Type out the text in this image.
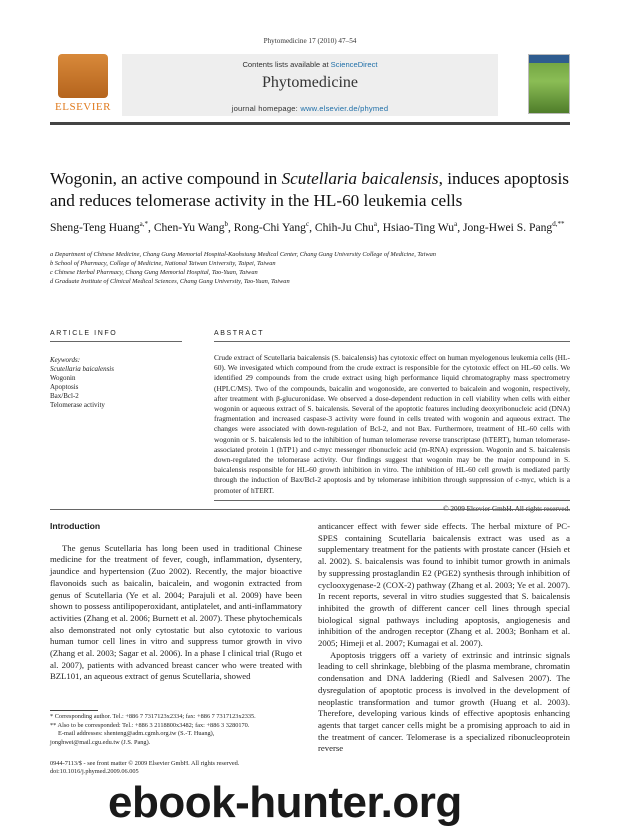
Phytomedicine 17 (2010) 47–54
ELSEVIER
Contents lists available at ScienceDirect
Phytomedicine
journal homepage: www.elsevier.de/phymed
Wogonin, an active compound in Scutellaria baicalensis, induces apoptosis and reduces telomerase activity in the HL-60 leukemia cells
Sheng-Teng Huang$^{a,*}$, Chen-Yu Wang$^b$, Rong-Chi Yang$^c$, Chih-Ju Chu$^a$, Hsiao-Ting Wu$^a$, Jong-Hwei S. Pang$^{d,**}$
a Department of Chinese Medicine, Chang Gung Memorial Hospital-Kaohsiung Medical Center, Chang Gung University College of Medicine, Taiwan
b School of Pharmacy, College of Medicine, National Taiwan University, Taipei, Taiwan
c Chinese Herbal Pharmacy, Chang Gung Memorial Hospital, Tao-Yuan, Taiwan
d Graduate Institute of Clinical Medical Sciences, Chang Gung University, Tao-Yuan, Taiwan
ARTICLE INFO
Keywords:
Scutellaria baicalensis
Wogonin
Apoptosis
Bax/Bcl-2
Telomerase activity
ABSTRACT
Crude extract of Scutellaria baicalensis (S. baicalensis) has cytotoxic effect on human myelogenous leukemia cells (HL-60). We invesigated which compound from the crude extract is responsible for the cytotoxic effect on HL-60 cells. We identified 29 compounds from the crude extract using high performance liquid chromatography mass spectrometry (HPLC/MS). Two of the compounds, baicalin and wogonoside, are converted to baicalein and wogonin, respectively, after treatment with β-glucuronidase. We observed a dose-dependent reduction in cell viability when cells with either wogonin or aqueous extract of S. baicalensis. Several of the apoptotic features including deoxyribonucleic acid (DNA) fragmentation and increased caspase-3 activity were found in cells treated with wogonin and aqueous extract. The changes were associated with down-regulation of Bcl-2, and not Bax. Furthermore, treatment of HL-60 cells with wogonin or S. baicalensis led to the inhibition of human telomerase reverse transcriptase (hTERT), human telomerase-associated protein 1 (hTP1) and c-myc messenger ribonucleic acid (m-RNA) expression. Wogonin and S. baicalensis down-regulated the telomerase activity. Our findings suggest that wogonin may be the major compound in S. baicalensis responsible for HL-60 growth inhibition in vitro. The inhibition of HL-60 cell growth is mediated partly through the induction of Bax/Bcl-2 apoptosis and by telomerase inhibition through suppression of c-myc, which is a promoter of hTERT.
Introduction

The genus Scutellaria has long been used in traditional Chinese medicine for the treatment of fever, cough, inflammation, dysentery, jaundice and hypertension (Zuo 2002). Recently, the major bioactive flavonoids such as baicalin, baicalein, and wogonin extracted from genus of Scutellaria (Ye et al. 2004; Parajuli et al. 2009) have been shown to possess antilipoperoxidant, antiplatelet, and anti-inflammatory activities (Zhang et al. 2006; Burnett et al. 2007). These phytochemicals also demonstrated not only cytostatic but also cytotoxic to various human tumor cell lines in vitro and suppress tumor growth in vivo (Zhang et al. 2003; Sagar et al. 2006). In a phase I clinical trial (Rugo et al. 2007), patients with advanced breast cancer who were treated with BZL101, an aqueous extract of genus Scutellaria, showed

anticancer effect with fewer side effects. The herbal mixture of PC-SPES containing Scutellaria baicalensis extract was used as a supplementary treatment for the patients with prostate cancer (Hsieh et al. 2002). S. baicalensis was found to inhibit tumor growth in animals by suppressing prostaglandin E2 (PGE2) synthesis through inhibition of cyclooxygenase-2 (COX-2) pathway (Zhang et al. 2003; Ye et al. 2007). In recent reports, several in vitro studies suggested that S. baicalensis inhibited the growth of different cancer cell lines through special biological signal pathways including apoptosis, angiogenesis and inhibition of the androgen receptor (Zhang et al. 2003; Bonham et al. 2005; Himeji et al. 2007; Kumagai et al. 2007).

Apoptosis triggers off a variety of extrinsic and intrinsic signals leading to cell shrinkage, blebbing of the plasma membrane, chromatin condensation and DNA laddering (Riedl and Salvesen 2007). The dysregulation of apoptotic process is involved in the development of neoplastic transformation and tumor growth (Huang et al. 2003). Therefore, developing various kinds of effective apoptosis enhancing agents that target cancer cells might be a promising approach to aid in the treatment of cancer. Telomerase is a specialized ribonucleoprotein reverse

* Corresponding author. Tel.: +886 7 7317123x2334; fax: +886 7 7317123x2335.
** Also to be corresponded: Tel.: +886 3 2118800x3482; fax: +886 3 3280170.
E-mail addresses: shenteng@adm.cgmh.org.tw (S.-T. Huang),
jonghwei@mail.cgu.edu.tw (J.S. Pang).
0944-7113/$ - see front matter © 2009 Elsevier GmbH. All rights reserved.
doi:10.1016/j.phymed.2009.06.005
ebook-hunter.org
